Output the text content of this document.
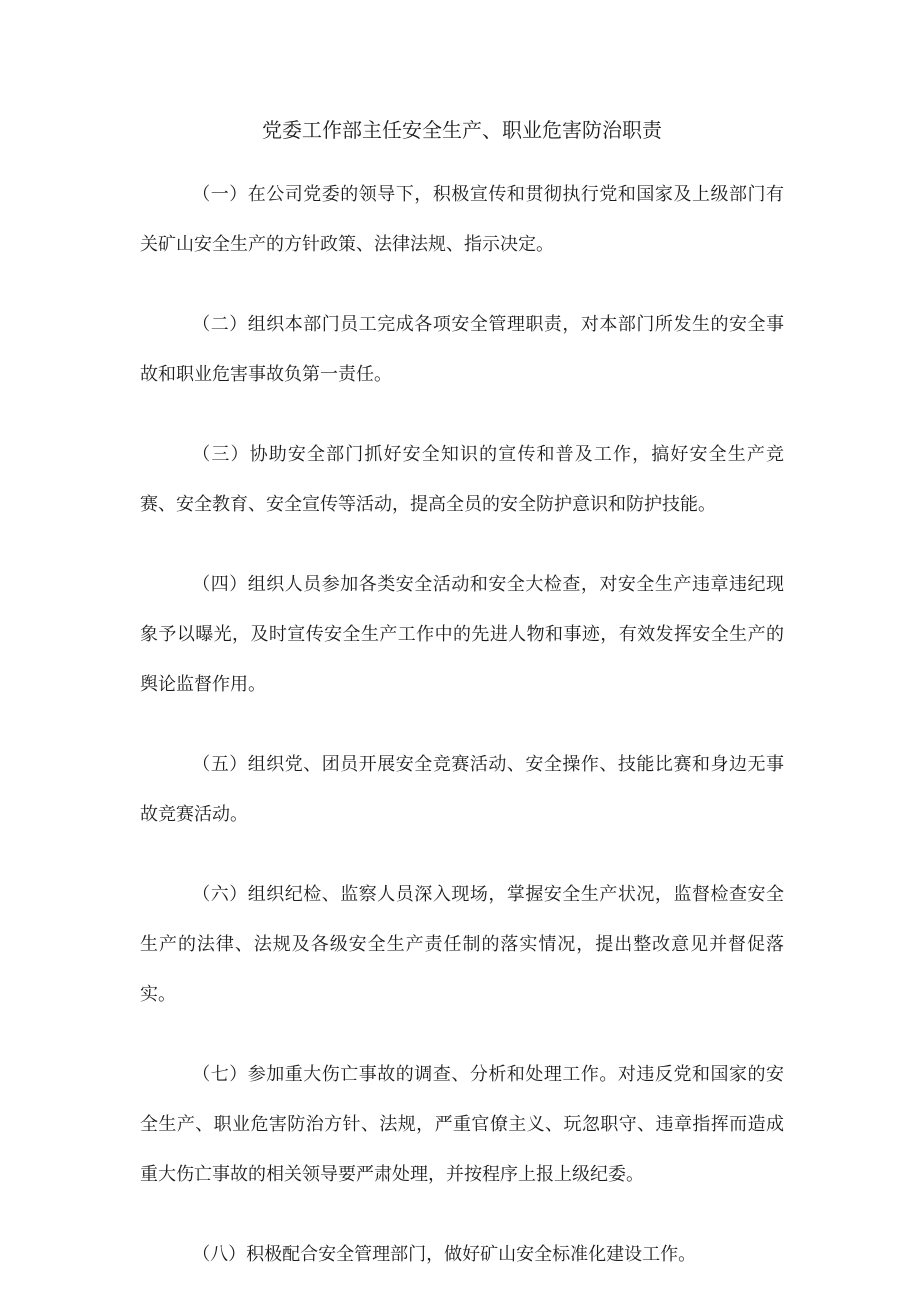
党委工作部主任安全生产、职业危害防治职责

（一）在公司党委的领导下，积极宣传和贯彻执行党和国家及上级部门有关矿山安全生产的方针政策、法律法规、指示决定。

（二）组织本部门员工完成各项安全管理职责，对本部门所发生的安全事故和职业危害事故负第一责任。

（三）协助安全部门抓好安全知识的宣传和普及工作，搞好安全生产竞赛、安全教育、安全宣传等活动，提高全员的安全防护意识和防护技能。

（四）组织人员参加各类安全活动和安全大检查，对安全生产违章违纪现象予以曝光，及时宣传安全生产工作中的先进人物和事迹，有效发挥安全生产的舆论监督作用。

（五）组织党、团员开展安全竞赛活动、安全操作、技能比赛和身边无事故竞赛活动。

（六）组织纪检、监察人员深入现场，掌握安全生产状况，监督检查安全生产的法律、法规及各级安全生产责任制的落实情况，提出整改意见并督促落实。

（七）参加重大伤亡事故的调查、分析和处理工作。对违反党和国家的安全生产、职业危害防治方针、法规，严重官僚主义、玩忽职守、违章指挥而造成重大伤亡事故的相关领导要严肃处理，并按程序上报上级纪委。

（八）积极配合安全管理部门，做好矿山安全标准化建设工作。
